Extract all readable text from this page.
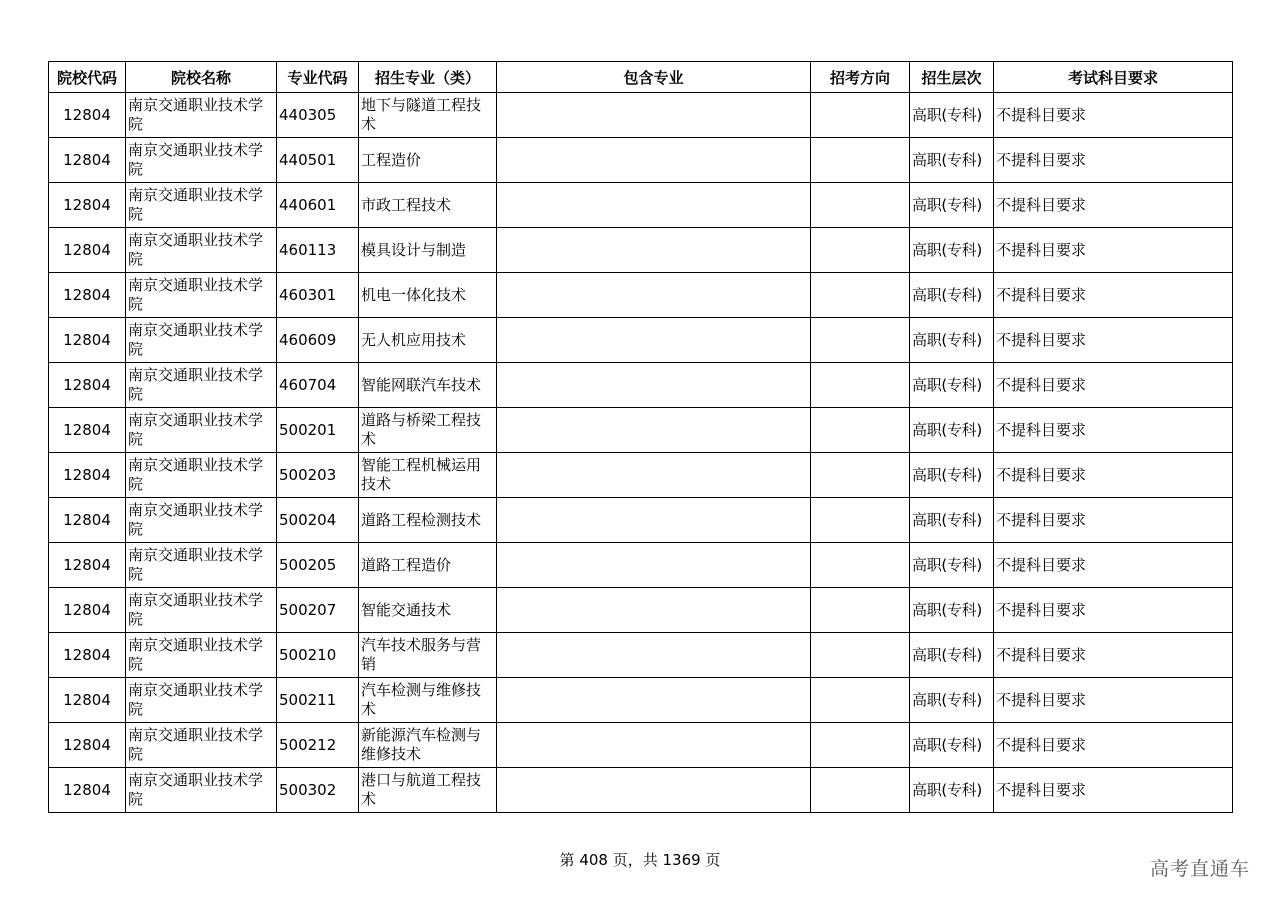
院校代码	院校名称	专业代码	招生专业（类）	包含专业	招考方向	招生层次	考试科目要求
12804	南京交通职业技术学院	440305	地下与隧道工程技术			高职(专科)	不提科目要求
12804	南京交通职业技术学院	440501	工程造价			高职(专科)	不提科目要求
12804	南京交通职业技术学院	440601	市政工程技术			高职(专科)	不提科目要求
12804	南京交通职业技术学院	460113	模具设计与制造			高职(专科)	不提科目要求
12804	南京交通职业技术学院	460301	机电一体化技术			高职(专科)	不提科目要求
12804	南京交通职业技术学院	460609	无人机应用技术			高职(专科)	不提科目要求
12804	南京交通职业技术学院	460704	智能网联汽车技术			高职(专科)	不提科目要求
12804	南京交通职业技术学院	500201	道路与桥梁工程技术			高职(专科)	不提科目要求
12804	南京交通职业技术学院	500203	智能工程机械运用技术			高职(专科)	不提科目要求
12804	南京交通职业技术学院	500204	道路工程检测技术			高职(专科)	不提科目要求
12804	南京交通职业技术学院	500205	道路工程造价			高职(专科)	不提科目要求
12804	南京交通职业技术学院	500207	智能交通技术			高职(专科)	不提科目要求
12804	南京交通职业技术学院	500210	汽车技术服务与营销			高职(专科)	不提科目要求
12804	南京交通职业技术学院	500211	汽车检测与维修技术			高职(专科)	不提科目要求
12804	南京交通职业技术学院	500212	新能源汽车检测与维修技术			高职(专科)	不提科目要求
12804	南京交通职业技术学院	500302	港口与航道工程技术			高职(专科)	不提科目要求
第 408 页，共 1369 页	高考直通车
